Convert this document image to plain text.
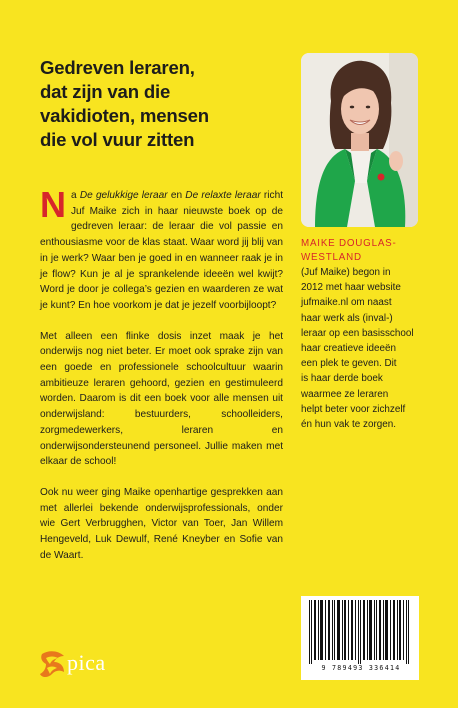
Gedreven leraren,
dat zijn van die
vakidioten, mensen
die vol vuur zitten

Na De gelukkige leraar en De relaxte leraar richt Juf Maike zich in haar nieuwste boek op de gedreven leraar: de leraar die vol passie en enthousiasme voor de klas staat. Waar word jij blij van in je werk? Waar ben je goed in en wanneer raak je in je flow? Kun je al je sprankelende ideeën wel kwijt? Word je door je collega’s gezien en waarderen ze wat je kunt? En hoe voorkom je dat je jezelf voorbijloopt?

Met alleen een flinke dosis inzet maak je het onderwijs nog niet beter. Er moet ook sprake zijn van een goede en professionele schoolcultuur waarin ambitieuze leraren gehoord, gezien en gestimuleerd worden. Daarom is dit een boek voor alle mensen uit onderwijsland: bestuurders, schoolleiders, zorgmedewerkers, leraren en onderwijsondersteunend personeel. Jullie maken met elkaar de school!

Ook nu weer ging Maike openhartige gesprekken aan met allerlei bekende onderwijsprofessionals, onder wie Gert Verbrugghen, Victor van Toer, Jan Willem Hengeveld, Luk Dewulf, René Kneyber en Sofie van de Waart.

MAIKE DOUGLAS-
WESTLAND
(Juf Maike) begon in
2012 met haar website
jufmaike.nl om naast
haar werk als (inval-)
leraar op een basisschool
haar creatieve ideeën
een plek te geven. Dit
is haar derde boek
waarmee ze leraren
helpt beter voor zichzelf
én hun vak te zorgen.
pica	9 789493 336414
